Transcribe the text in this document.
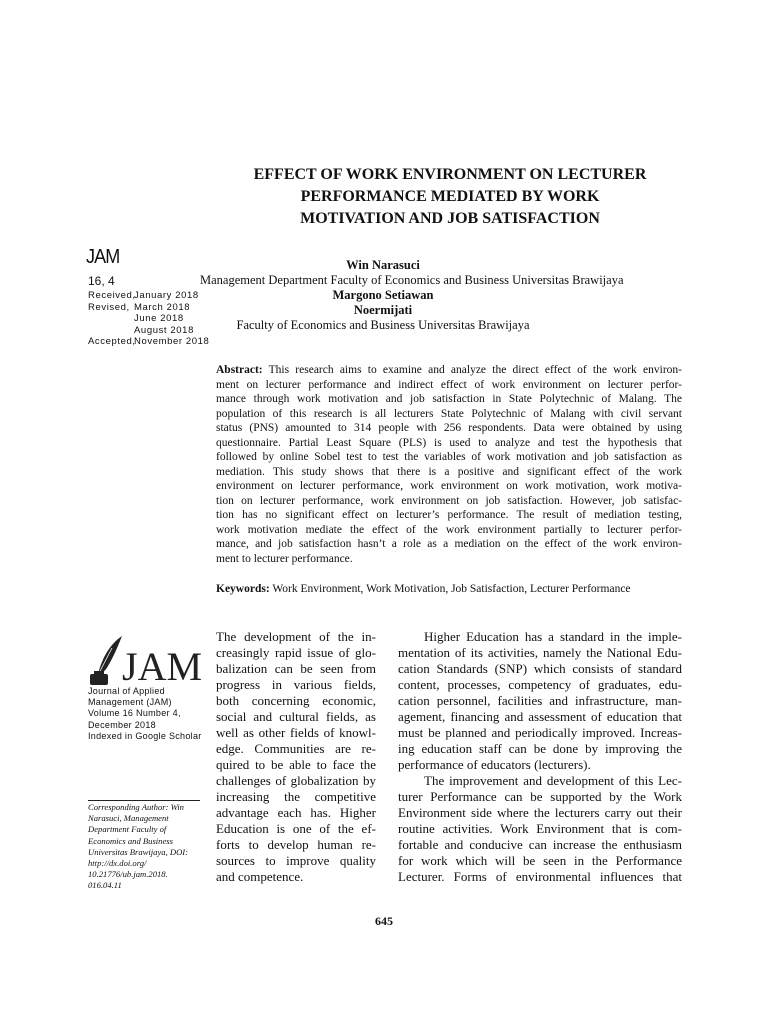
EFFECT OF WORK ENVIRONMENT ON LECTURER
PERFORMANCE MEDIATED BY WORK
MOTIVATION AND JOB SATISFACTION
Win Narasuci
Management Department Faculty of Economics and Business Universitas Brawijaya
Margono Setiawan
Noermijati
Faculty of Economics and Business Universitas Brawijaya
JAM
16, 4
Received,January 2018
Revised, March 2018
June 2018
August 2018
Accepted,November 2018
Abstract: This research aims to examine and analyze the direct effect of the work environ-
ment on lecturer performance and indirect effect of work environment on lecturer perfor-
mance through work motivation and job satisfaction in State Polytechnic of Malang. The
population of this research is all lecturers State Polytechnic of Malang with civil servant
status (PNS) amounted to 314 people with 256 respondents. Data were obtained by using
questionnaire. Partial Least Square (PLS) is used to analyze and test the hypothesis that
followed by online Sobel test to test the variables of work motivation and job satisfaction as
mediation. This study shows that there is a positive and significant effect of the work
environment on lecturer performance, work environment on work motivation, work motiva-
tion on lecturer performance, work environment on job satisfaction. However, job satisfac-
tion has no significant effect on lecturer’s performance. The result of mediation testing,
work motivation mediate the effect of the work environment partially to lecturer perfor-
mance, and job satisfaction hasn’t a role as a mediation on the effect of the work environ-
ment to lecturer performance.
Keywords: Work Environment, Work Motivation, Job Satisfaction, Lecturer Performance
JAM
Journal of Applied
Management (JAM)
Volume 16 Number 4,
December 2018
Indexed in Google Scholar
Corresponding Author: Win
Narasuci, Management
Department Faculty of
Economics and Business
Universitas Brawijaya, DOI:
http://dx.doi.org/
10.21776/ub.jam.2018.
016.04.11
The development of the in-
creasingly rapid issue of glo-
balization can be seen from
progress in various fields,
both concerning economic,
social and cultural fields, as
well as other fields of knowl-
edge. Communities are re-
quired to be able to face the
challenges of globalization by
increasing the competitive
advantage each has. Higher
Education is one of the ef-
forts to develop human re-
sources to improve quality
and competence.
Higher Education has a standard in the imple-
mentation of its activities, namely the National Edu-
cation Standards (SNP) which consists of standard
content, processes, competency of graduates, edu-
cation personnel, facilities and infrastructure, man-
agement, financing and assessment of education that
must be planned and periodically improved. Increas-
ing education staff can be done by improving the
performance of educators (lecturers).
The improvement and development of this Lec-
turer Performance can be supported by the Work
Environment side where the lecturers carry out their
routine activities. Work Environment that is com-
fortable and conducive can increase the enthusiasm
for work which will be seen in the Performance
Lecturer. Forms of environmental influences that
645
